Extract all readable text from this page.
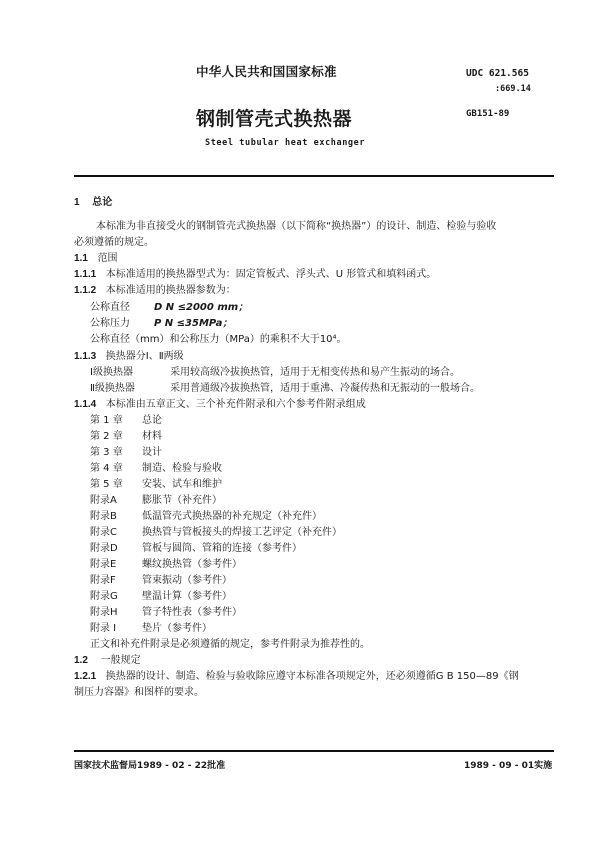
中华人民共和国国家标准	UDC 621.565
:669.14
钢制管壳式换热器	GB151-89
Steel tubular heat exchanger
1 总论
本标准为非直接受火的钢制管壳式换热器（以下简称“换热器”）的设计、制造、检验与验收
必须遵循的规定。
1.1 范围
1.1.1 本标准适用的换热器型式为：固定管板式、浮头式、U 形管式和填料函式。
1.1.2 本标准适用的换热器参数为：
公称直径 D N ≤2000 mm；
公称压力 P N ≤35MPa；
公称直径（mm）和公称压力（MPa）的乘积不大于10⁴。
1.1.3 换热器分Ⅰ、Ⅱ两级
Ⅰ级换热器	采用较高级冷拔换热管，适用于无相变传热和易产生振动的场合。
Ⅱ级换热器	采用普通级冷拔换热管，适用于重沸、冷凝传热和无振动的一般场合。
1.1.4 本标准由五章正文、三个补充件附录和六个参考件附录组成
第 1 章 总论
第 2 章 材料
第 3 章 设计
第 4 章 制造、检验与验收
第 5 章 安装、试车和维护
附录A	膨胀节（补充件）
附录B	低温管壳式换热器的补充规定（补充件）
附录C	换热管与管板接头的焊接工艺评定（补充件）
附录D 管板与圆筒、管箱的连接（参考件）
附录E	螺纹换热管（参考件）
附录F	管束振动（参考件）
附录G 壁温计算（参考件）
附录H 管子特性表（参考件）
附录 I	垫片（参考件）
正文和补充件附录是必须遵循的规定，参考件附录为推荐性的。
1.2 一般规定
1.2.1 换热器的设计、制造、检验与验收除应遵守本标准各项规定外，还必须遵循G B 150—89《钢
制压力容器》和图样的要求。
国家技术监督局1989 - 02 - 22批准	1989 - 09 - 01实施
